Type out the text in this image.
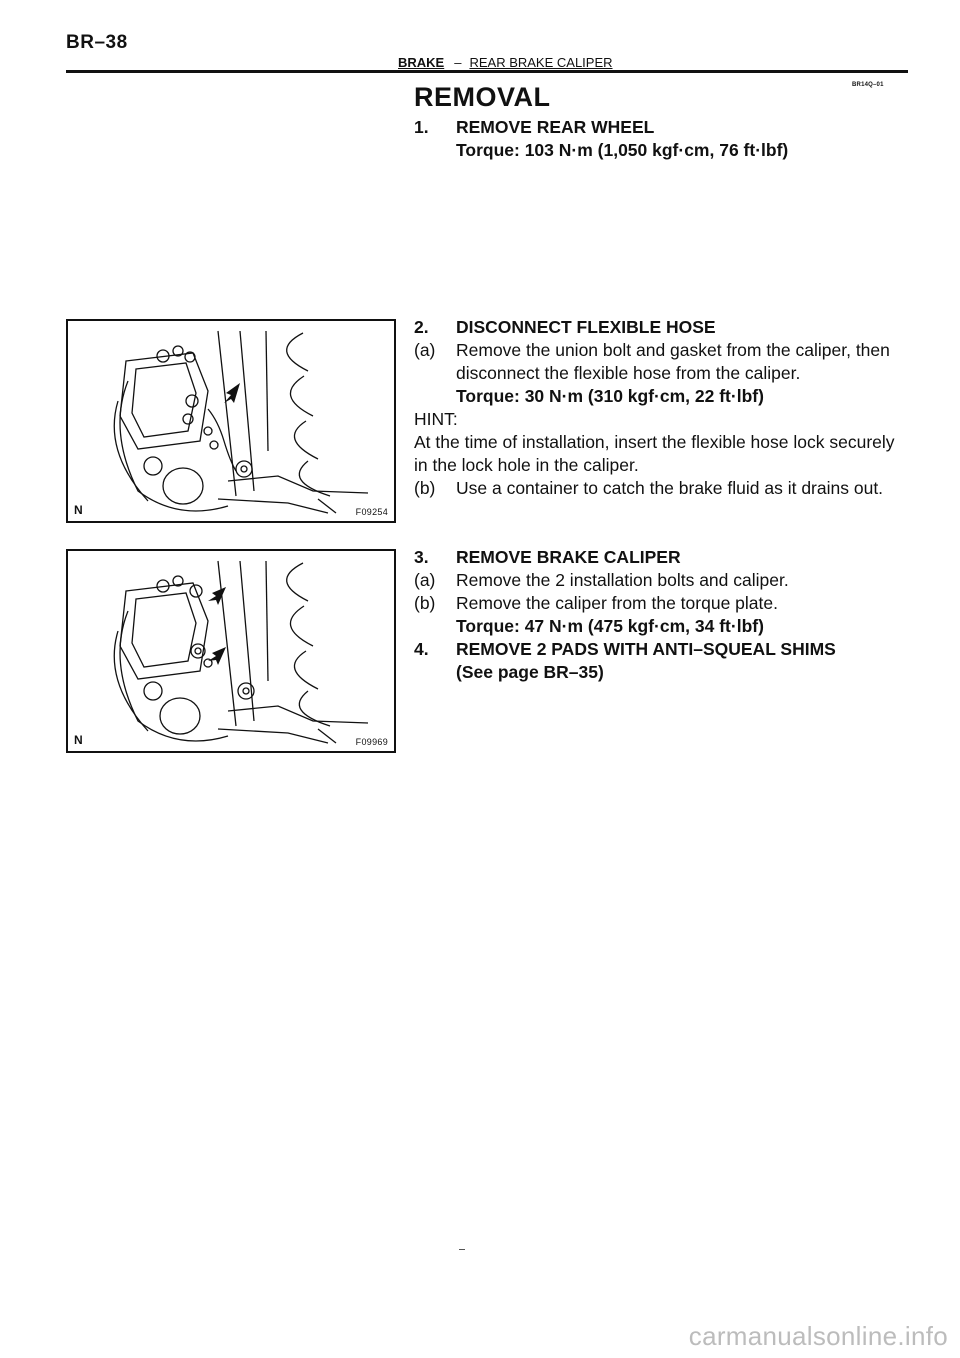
BR–38
BRAKE – REAR BRAKE CALIPER
BR14Q–01
REMOVAL
1. REMOVE REAR WHEEL
Torque: 103 N·m (1,050 kgf·cm, 76 ft·lbf)
2. DISCONNECT FLEXIBLE HOSE
(a) Remove the union bolt and gasket from the caliper, then
disconnect the flexible hose from the caliper.
Torque: 30 N·m (310 kgf·cm, 22 ft·lbf)
HINT:
At the time of installation, insert the flexible hose lock securely in the lock hole in the caliper.
(b) Use a container to catch the brake fluid as it drains out.
3. REMOVE BRAKE CALIPER
(a) Remove the 2 installation bolts and caliper.
(b) Remove the caliper from the torque plate.
Torque: 47 N·m (475 kgf·cm, 34 ft·lbf)
4. REMOVE 2 PADS WITH ANTI–SQUEAL SHIMS
(See page BR–35)
N	F09254
N	F09969
carmanualsonline.info
